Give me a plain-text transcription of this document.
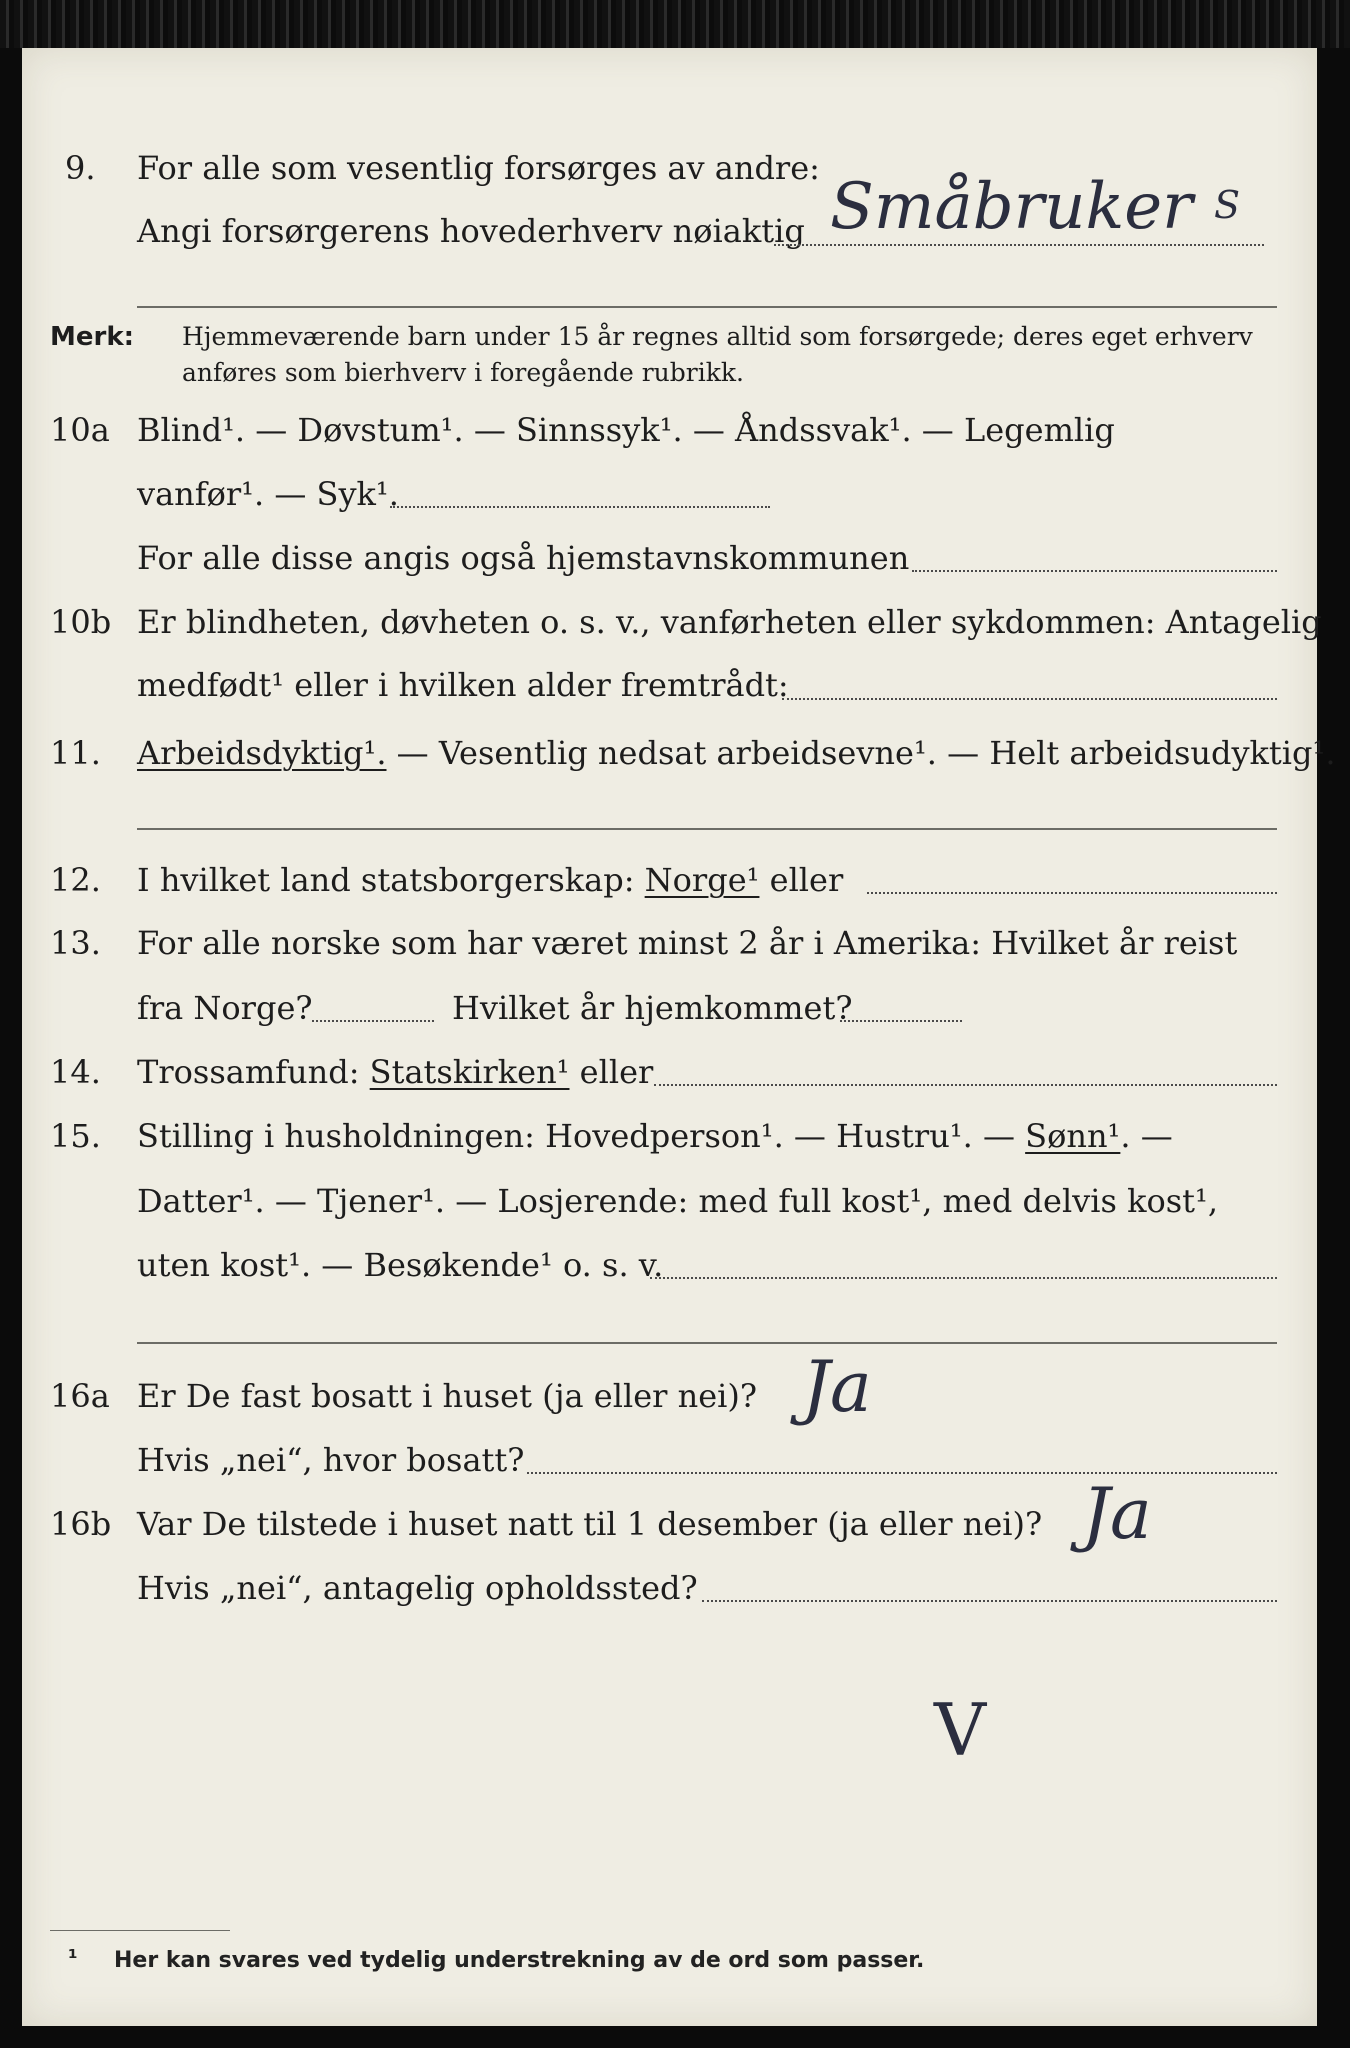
9. For alle som vesentlig forsørges av andre:
Angi forsørgerens hovederhverv nøiaktig Småbruker S
Merk: Hjemmeværende barn under 15 år regnes alltid som forsørgede; deres eget erhverv
anføres som bierhverv i foregående rubrikk.
10a Blind¹. — Døvstum¹. — Sinnssyk¹. — Åndssvak¹. — Legemlig
vanfør¹. — Syk¹.
For alle disse angis også hjemstavnskommunen
10b Er blindheten, døvheten o. s. v., vanførheten eller sykdommen: Antagelig
medfødt¹ eller i hvilken alder fremtrådt:
11. Arbeidsdyktig¹. — Vesentlig nedsat arbeidsevne¹. — Helt arbeidsudyktig¹.
12. I hvilket land statsborgerskap: Norge¹ eller
13. For alle norske som har været minst 2 år i Amerika: Hvilket år reist
fra Norge?	Hvilket år hjemkommet?
14. Trossamfund: Statskirken¹ eller
15. Stilling i husholdningen: Hovedperson¹. — Hustru¹. — Sønn¹. —
Datter¹. — Tjener¹. — Losjerende: med full kost¹, med delvis kost¹,
uten kost¹. — Besøkende¹ o. s. v.
16a Er De fast bosatt i huset (ja eller nei)? Ja
Hvis „nei“, hvor bosatt?
16b Var De tilstede i huset natt til 1 desember (ja eller nei)? Ja
Hvis „nei“, antagelig opholdssted?
V
¹ Her kan svares ved tydelig understrekning av de ord som passer.
